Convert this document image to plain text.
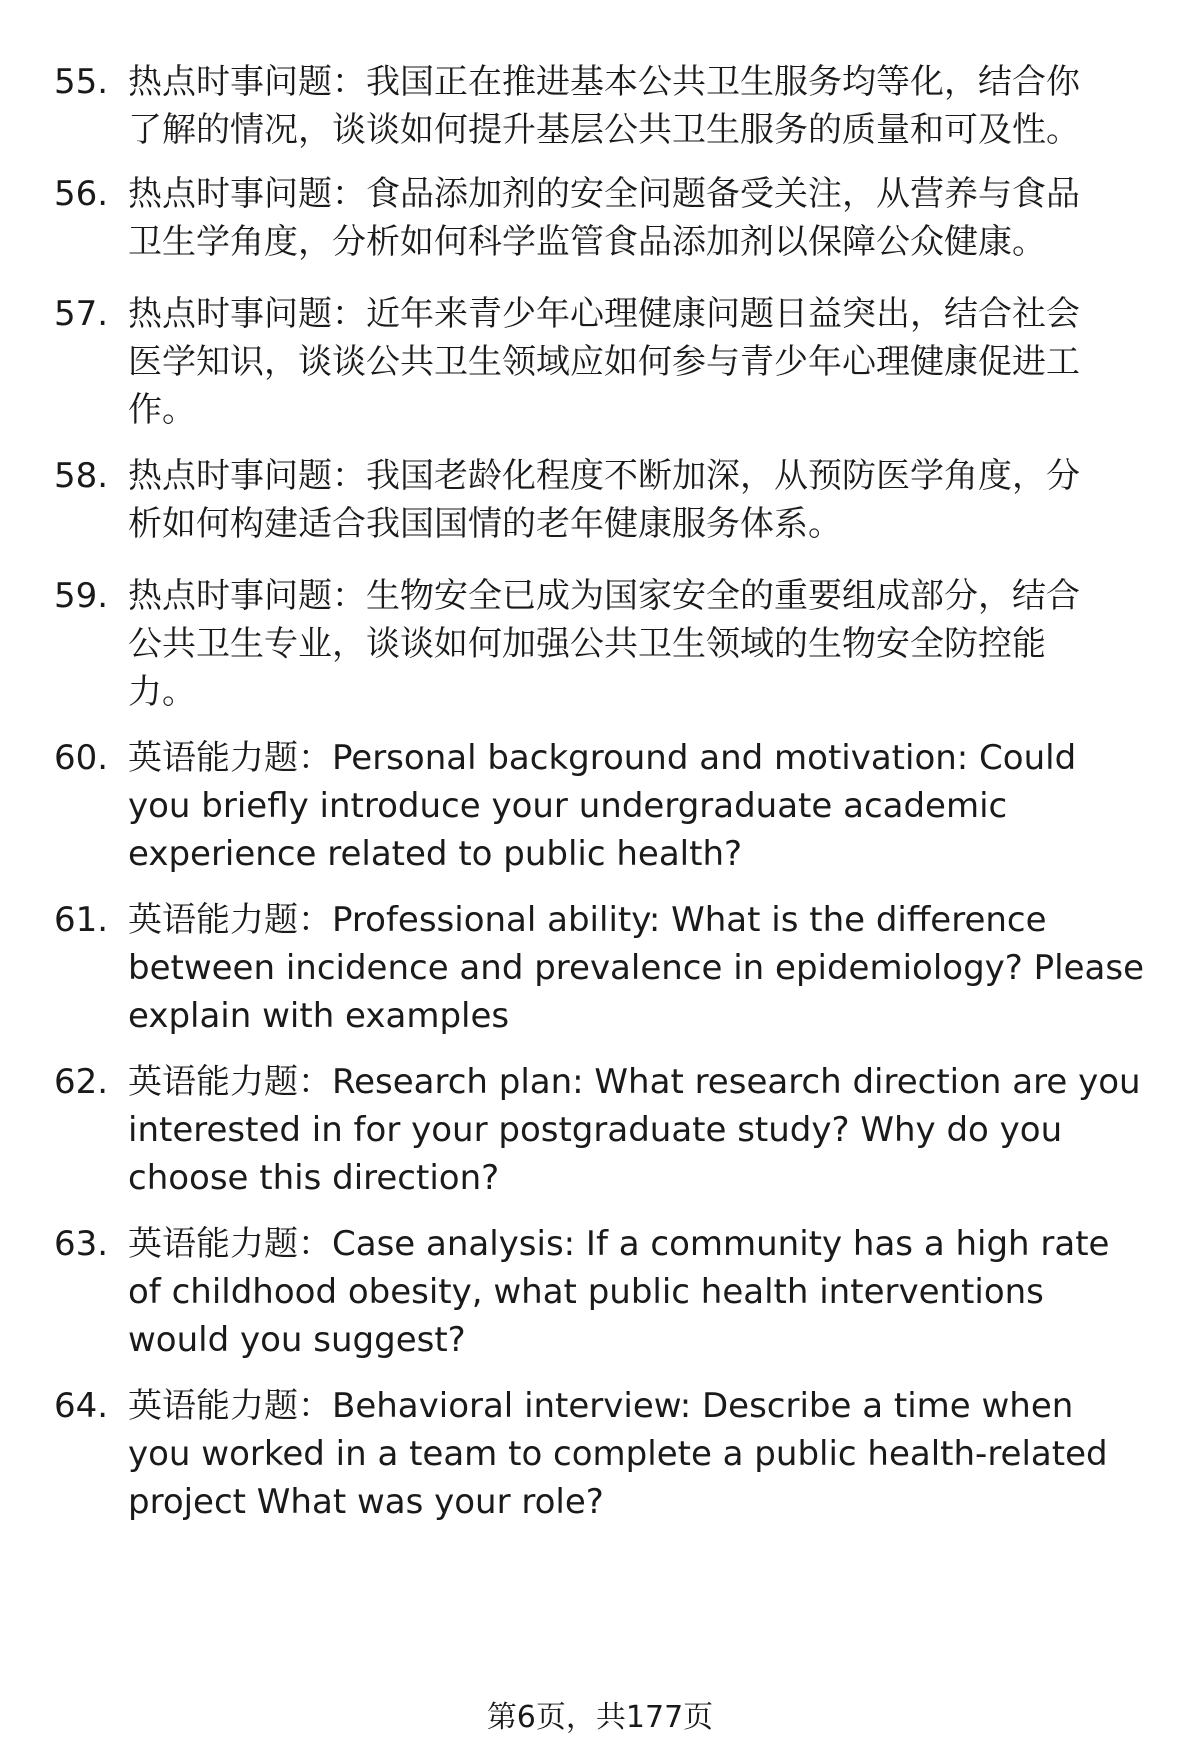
55. 热点时事问题：我国正在推进基本公共卫生服务均等化，结合你
了解的情况，谈谈如何提升基层公共卫生服务的质量和可及性。
56. 热点时事问题：食品添加剂的安全问题备受关注，从营养与食品
卫生学角度，分析如何科学监管食品添加剂以保障公众健康。
57. 热点时事问题：近年来青少年心理健康问题日益突出，结合社会
医学知识，谈谈公共卫生领域应如何参与青少年心理健康促进工
作。
58. 热点时事问题：我国老龄化程度不断加深，从预防医学角度，分
析如何构建适合我国国情的老年健康服务体系。
59. 热点时事问题：生物安全已成为国家安全的重要组成部分，结合
公共卫生专业，谈谈如何加强公共卫生领域的生物安全防控能
力。
60. 英语能力题：Personal background and motivation: Could
you briefly introduce your undergraduate academic
experience related to public health?
61. 英语能力题：Professional ability: What is the difference
between incidence and prevalence in epidemiology? Please
explain with examples
62. 英语能力题：Research plan: What research direction are you
interested in for your postgraduate study? Why do you
choose this direction?
63. 英语能力题：Case analysis: If a community has a high rate
of childhood obesity, what public health interventions
would you suggest?
64. 英语能力题：Behavioral interview: Describe a time when
you worked in a team to complete a public health-related
project What was your role?
第6页，共177页
